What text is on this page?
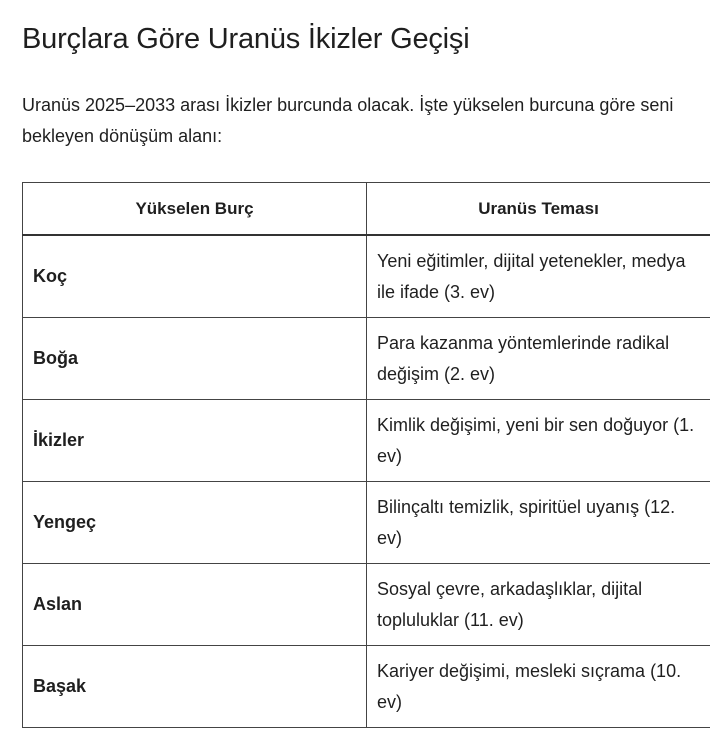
Burçlara Göre Uranüs İkizler Geçişi

Uranüs 2025–2033 arası İkizler burcunda olacak. İşte yükselen burcuna göre seni bekleyen dönüşüm alanı:

Yükselen Burç	Uranüs Teması
Koç	Yeni eğitimler, dijital yetenekler, medya ile ifade (3. ev)
Boğa	Para kazanma yöntemlerinde radikal değişim (2. ev)
İkizler	Kimlik değişimi, yeni bir sen doğuyor (1. ev)
Yengeç	Bilinçaltı temizlik, spiritüel uyanış (12. ev)
Aslan	Sosyal çevre, arkadaşlıklar, dijital topluluklar (11. ev)
Başak	Kariyer değişimi, mesleki sıçrama (10. ev)
